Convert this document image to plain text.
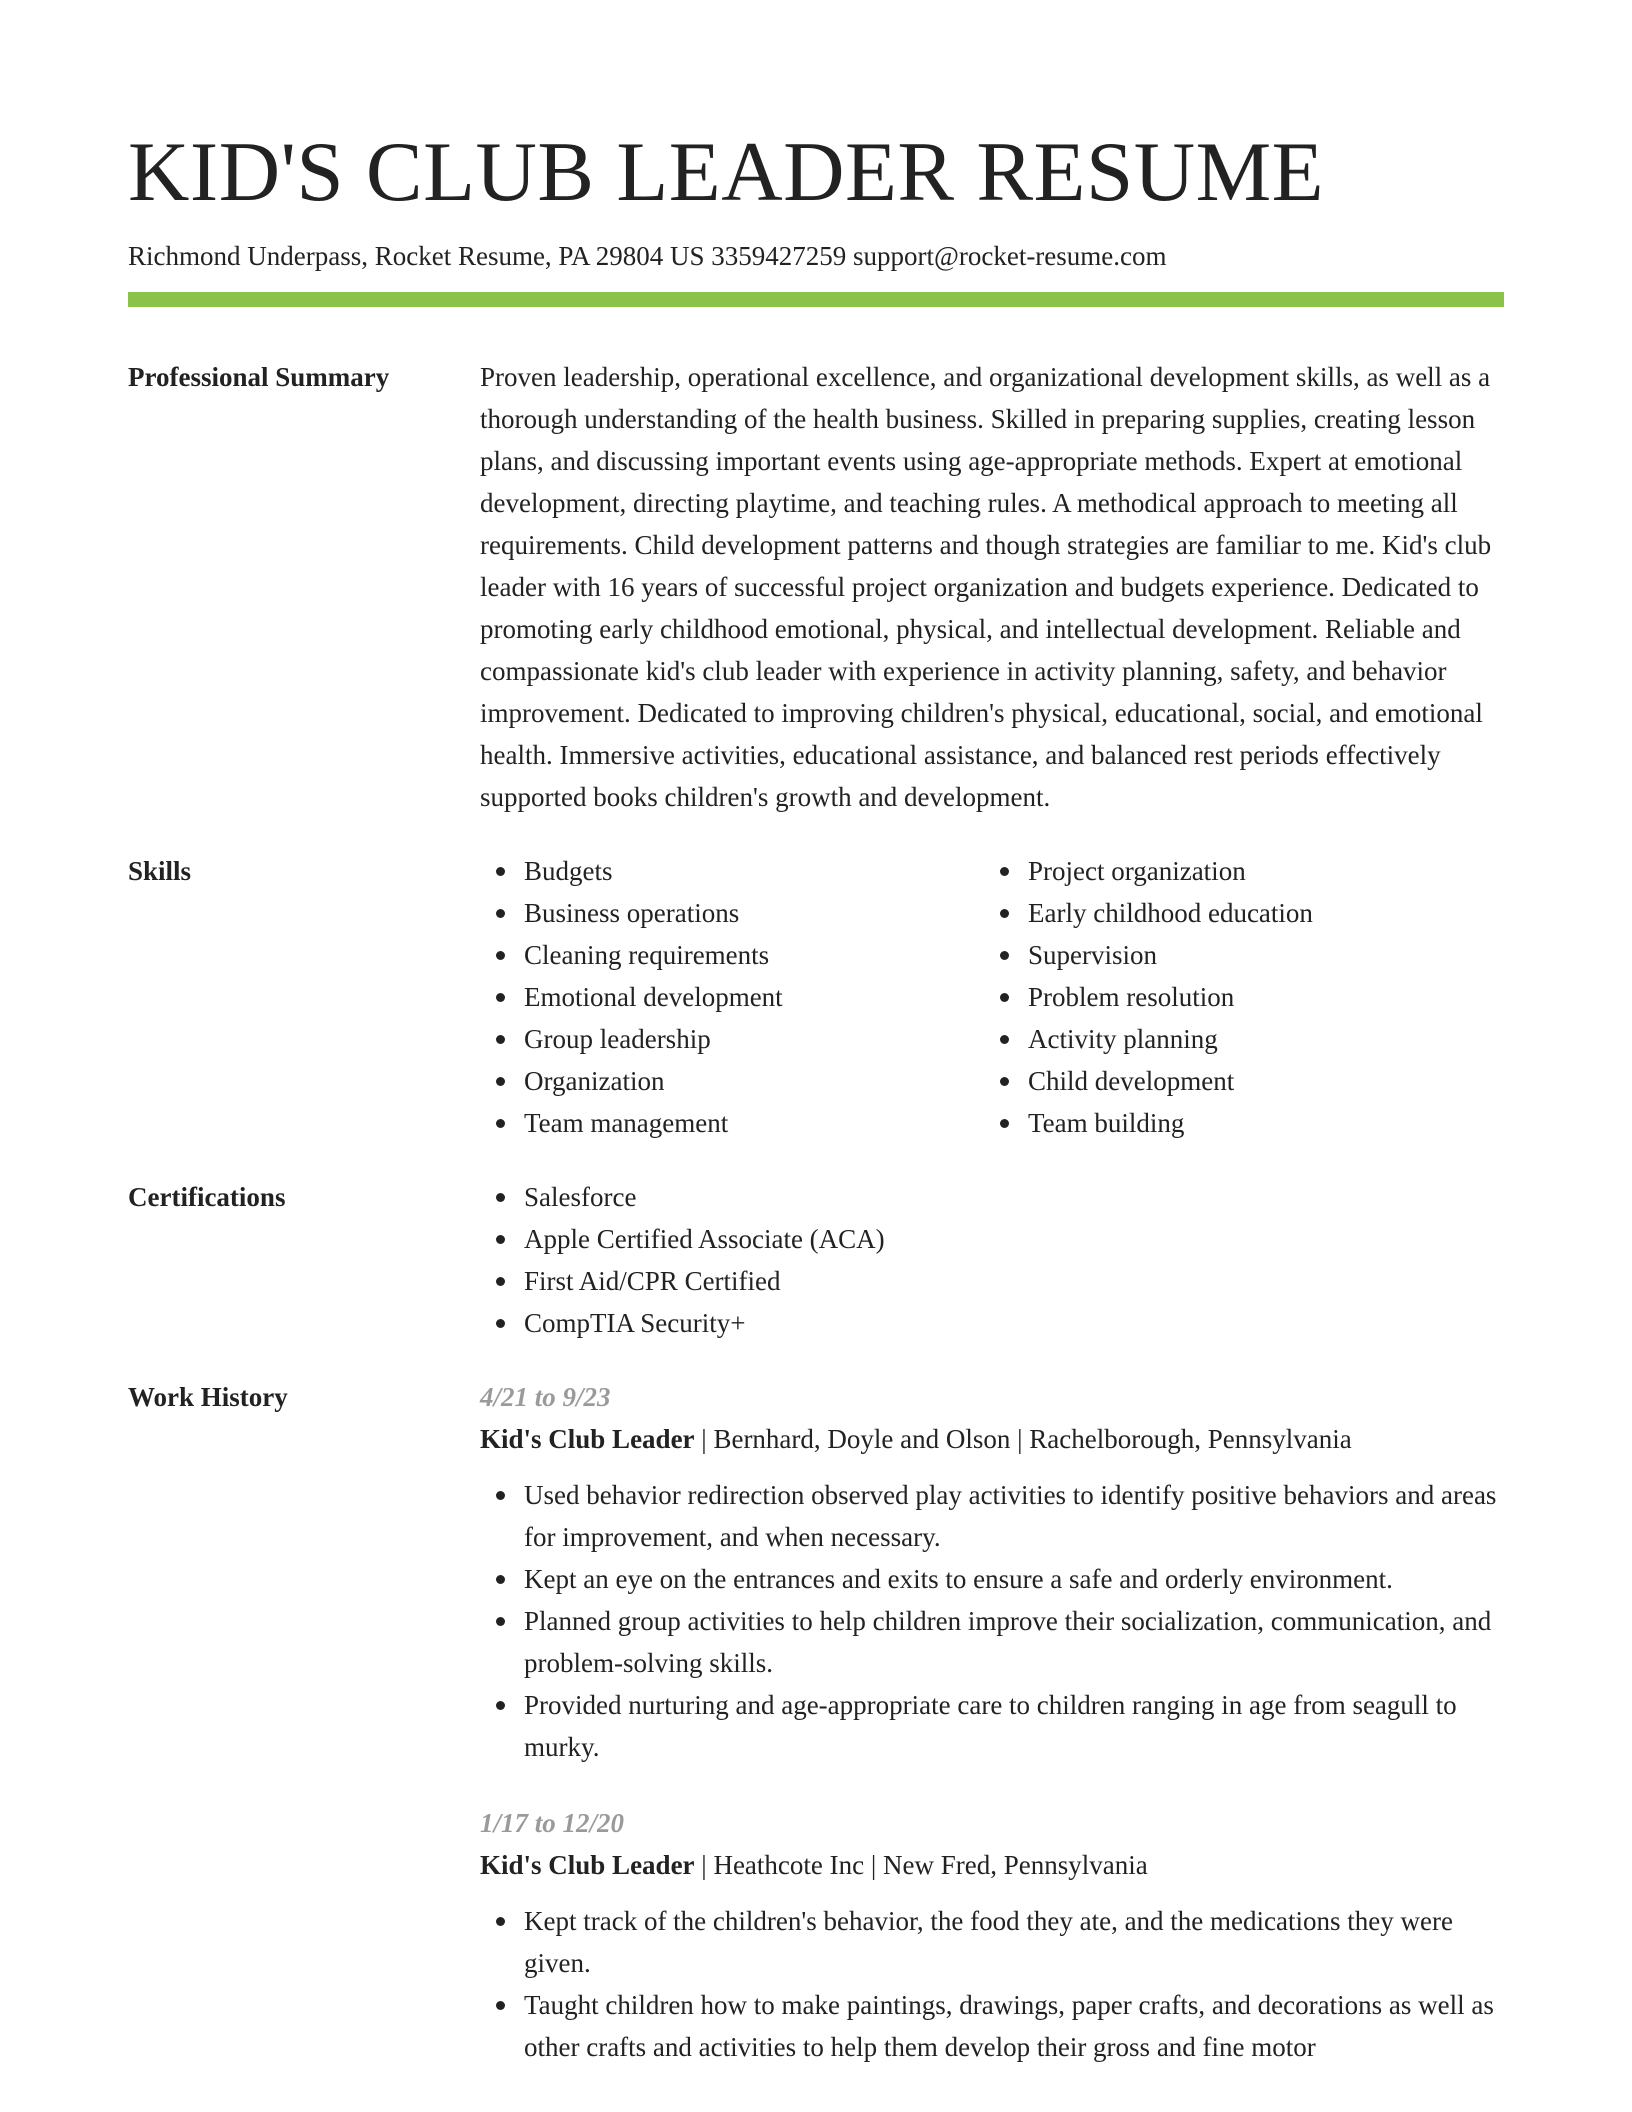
KID'S CLUB LEADER RESUME
Richmond Underpass, Rocket Resume, PA 29804 US 3359427259 support@rocket-resume.com
Professional Summary	Proven leadership, operational excellence, and organizational development skills, as well as a thorough understanding of the health business. Skilled in preparing supplies, creating lesson plans, and discussing important events using age-appropriate methods. Expert at emotional development, directing playtime, and teaching rules. A methodical approach to meeting all requirements. Child development patterns and though strategies are familiar to me. Kid's club leader with 16 years of successful project organization and budgets experience. Dedicated to promoting early childhood emotional, physical, and intellectual development. Reliable and compassionate kid's club leader with experience in activity planning, safety, and behavior improvement. Dedicated to improving children's physical, educational, social, and emotional health. Immersive activities, educational assistance, and balanced rest periods effectively supported books children's growth and development.

Skills	Budgets
Business operations
Cleaning requirements
Emotional development
Group leadership
Organization
Team management
Project organization
Early childhood education
Supervision
Problem resolution
Activity planning
Child development
Team building
Certifications	Salesforce
Apple Certified Associate (ACA)
First Aid/CPR Certified
CompTIA Security+
Work History	4/21 to 9/23
Kid's Club Leader | Bernhard, Doyle and Olson | Rachelborough, Pennsylvania
Used behavior redirection observed play activities to identify positive behaviors and areas for improvement, and when necessary.
Kept an eye on the entrances and exits to ensure a safe and orderly environment.
Planned group activities to help children improve their socialization, communication, and problem-solving skills.
Provided nurturing and age-appropriate care to children ranging in age from seagull to murky.
1/17 to 12/20
Kid's Club Leader | Heathcote Inc | New Fred, Pennsylvania
Kept track of the children's behavior, the food they ate, and the medications they were given.
Taught children how to make paintings, drawings, paper crafts, and decorations as well as other crafts and activities to help them develop their gross and fine motor
